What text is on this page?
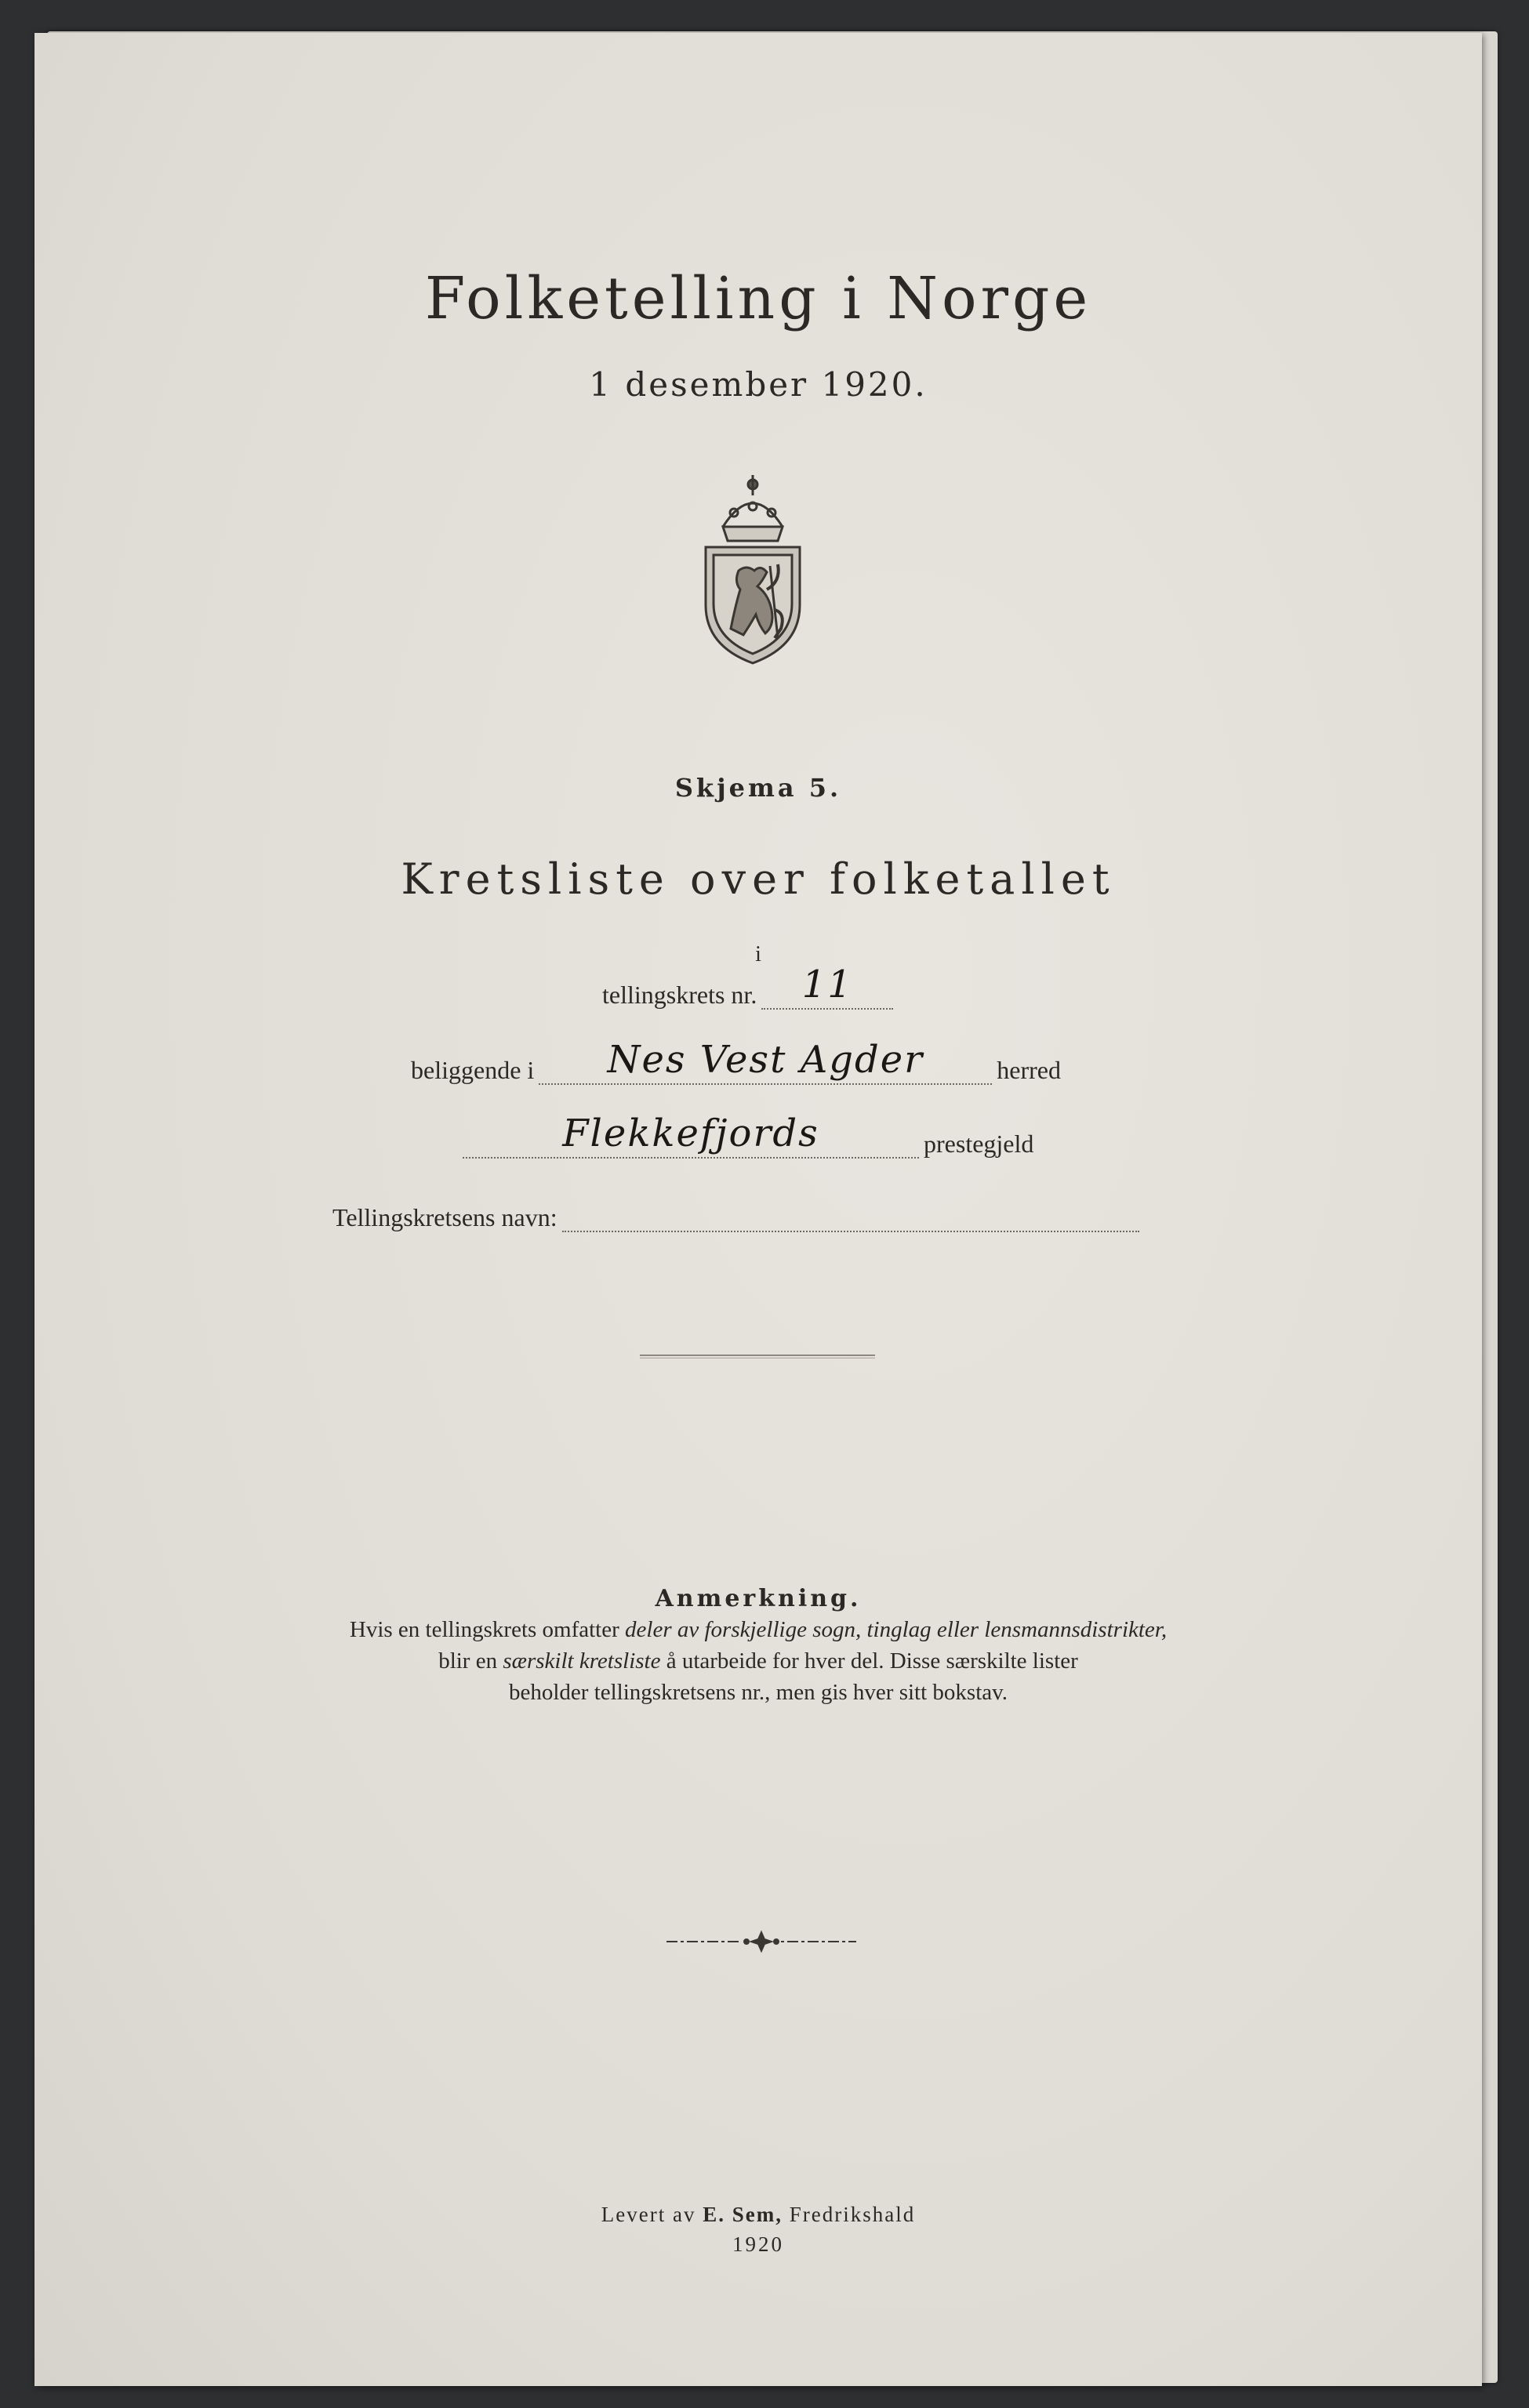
Folketelling i Norge
1 desember 1920.
Skjema 5.
Kretsliste over folketallet
i
tellingskrets nr.	11
beliggende i	Nes Vest Agder	herred
Flekkefjords	prestegjeld
Tellingskretsens navn:
Anmerkning.
Hvis en tellingskrets omfatter deler av forskjellige sogn, tinglag eller lensmannsdistrikter,
blir en særskilt kretsliste å utarbeide for hver del. Disse særskilte lister
beholder tellingskretsens nr., men gis hver sitt bokstav.
Levert av E. Sem, Fredrikshald
1920
